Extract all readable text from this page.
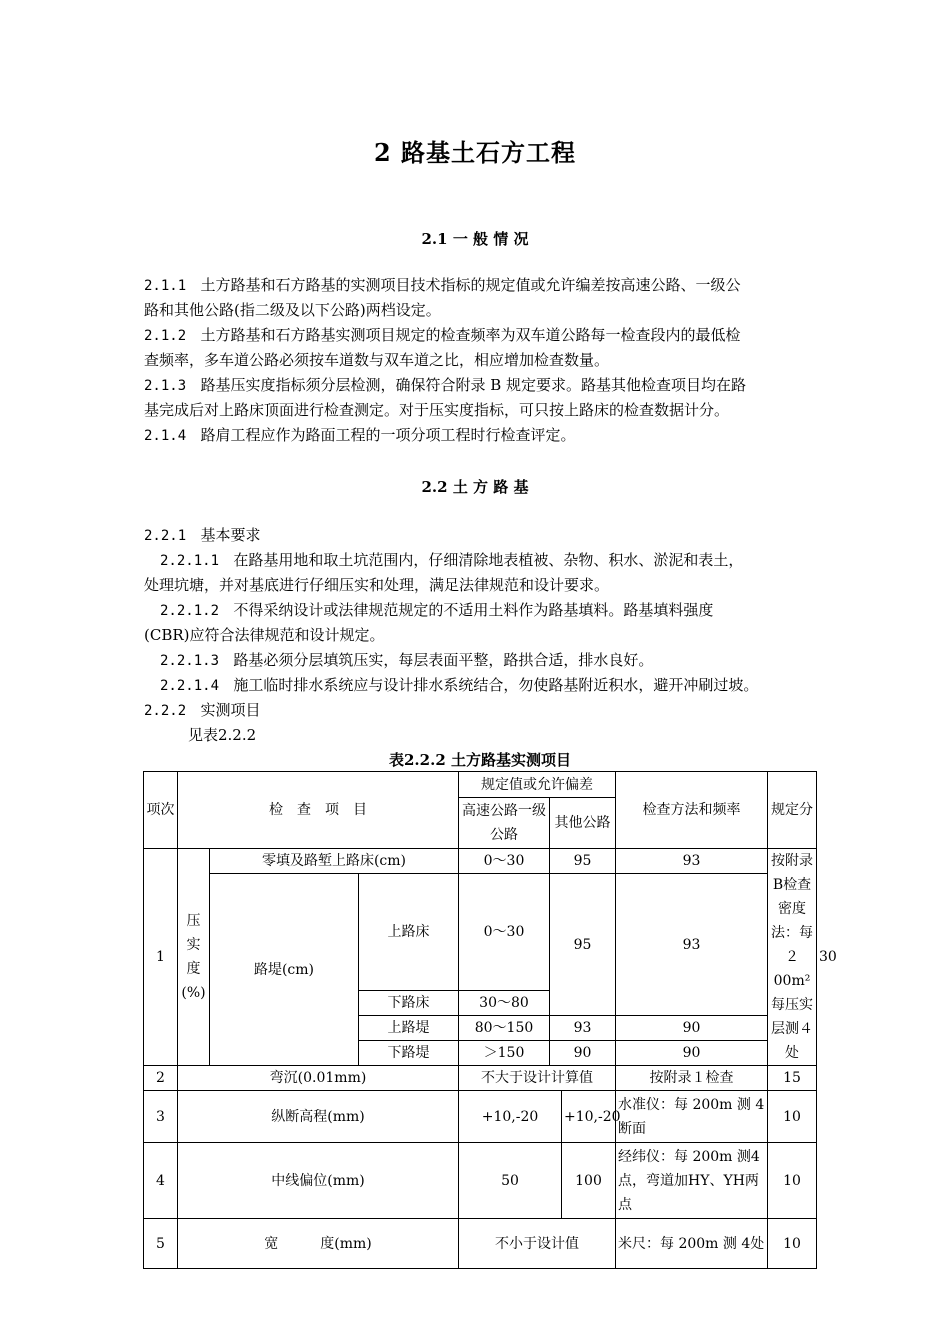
2 路基土石方工程
2.1 一 般 情 况
2.1.1 土方路基和石方路基的实测项目技术指标的规定值或允许编差按高速公路、一级公
路和其他公路(指二级及以下公路)两档设定。
2.1.2 土方路基和石方路基实测项目规定的检查频率为双车道公路每一检查段内的最低检
查频率，多车道公路必须按车道数与双车道之比，相应增加检查数量。
2.1.3 路基压实度指标须分层检测，确保符合附录 B 规定要求。路基其他检查项目均在路
基完成后对上路床顶面进行检查测定。对于压实度指标，可只按上路床的检查数据计分。
2.1.4 路肩工程应作为路面工程的一项分项工程时行检查评定。
2.2 土 方 路 基
2.2.1 基本要求
2.2.1.1 在路基用地和取土坑范围内，仔细清除地表植被、杂物、积水、淤泥和表土，
处理坑塘，并对基底进行仔细压实和处理，满足法律规范和设计要求。
2.2.1.2 不得采纳设计或法律规范规定的不适用土料作为路基填料。路基填料强度
(CBR)应符合法律规范和设计规定。
2.2.1.3 路基必须分层填筑压实，每层表面平整，路拱合适，排水良好。
2.2.1.4 施工临时排水系统应与设计排水系统结合，勿使路基附近积水，避开冲刷过坡。
2.2.2 实测项目
见表2.2.2
表2.2.2 土方路基实测项目
项次	检　查　项　目			规定值或允许偏差			检查方法和频率	规定分	
				高速公路一级公路	其他公路				
1	压实度(%)	零填及路堑上路床(cm)		0～30	95		93	按附录B检查密度法：每２ 00m² 每压实层测４处	30
		路堤(cm)	上路床	0～30	95		93		
			下路床	30～80					
			上路堤	80～150	93		90		
			下路堤	＞150	90		90		
2	弯沉(0.01mm)			不大于设计计算值			按附录１检查	15	
3	纵断高程(mm)			+10,-20		+10,-20	水准仪：每 200m 测 4 断面	10	
4	中线偏位(mm)			50		100	经纬仪：每 200m 测4点，弯道加HY、YH两点	10	
5	宽　　　度(mm)			不小于设计值			米尺：每 200m 测 4处	10	
